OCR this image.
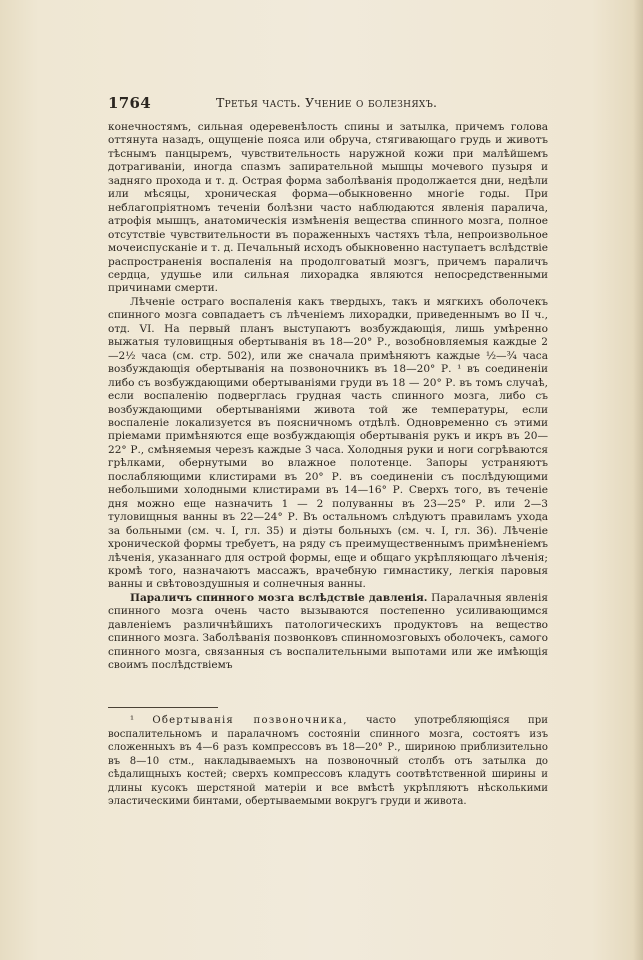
1764	Третья часть. Учение о болезняхъ.

конечностямъ, сильная одеревенѣлость спины и затылка, причемъ голова оттянута назадъ, ощущеніе пояса или обруча, стягивающаго грудь и животъ тѣснымъ панцыремъ, чувствительность наружной кожи при малѣйшемъ дотрагиваніи, иногда спазмъ запирательной мышцы мочевого пузыря и задняго прохода и т. д. Острая форма заболѣванія продолжается дни, недѣли или мѣсяцы, хроническая форма—обыкновенно многіе годы. При неблагопріятномъ теченіи болѣзни часто наблюдаются явленія паралича, атрофія мышцъ, анатомическія измѣненія вещества спинного мозга, полное отсутствіе чувствительности въ пораженныхъ частяхъ тѣла, непроизвольное мочеиспусканіе и т. д. Печальный исходъ обыкновенно наступаетъ вслѣдствіе распространенія воспаленія на продолговатый мозгъ, причемъ параличъ сердца, удушье или сильная лихорадка являются непосредственными причинами смерти.

Лѣченіе остраго воспаленія какъ твердыхъ, такъ и мягкихъ оболочекъ спинного мозга совпадаетъ съ лѣченіемъ лихорадки, приведеннымъ во II ч., отд. VI. На первый планъ выступаютъ возбуждающія, лишь умѣренно выжатыя туловищныя обертыванія въ 18—20° Р., возобновляемыя каждые 2—2½ часа (см. стр. 502), или же сначала примѣняютъ каждые ½—¾ часа возбуждающія обертыванія на позвоночникъ въ 18—20° Р. ¹ въ соединеніи либо съ возбуждающими обертываніями груди въ 18 — 20° Р. въ томъ случаѣ, если воспаленію подверглась грудная часть спинного мозга, либо съ возбуждающими обертываніями живота той же температуры, если воспаленіе локализуется въ поясничномъ отдѣлѣ. Одновременно съ этими пріемами примѣняются еще возбуждающія обертыванія рукъ и икръ въ 20—22° Р., смѣняемыя черезъ каждые 3 часа. Холодныя руки и ноги согрѣваются грѣлками, обернутыми во влажное полотенце. Запоры устраняютъ послабляющими клистирами въ 20° Р. въ соединеніи съ послѣдующими небольшими холодными клистирами въ 14—16° Р. Сверхъ того, въ теченіе дня можно еще назначить 1 — 2 полуванны въ 23—25° Р. или 2—3 туловищныя ванны въ 22—24° Р. Въ остальномъ слѣдуютъ правиламъ ухода за больными (см. ч. I, гл. 35) и діэты больныхъ (см. ч. I, гл. 36). Лѣченіе хронической формы требуетъ, на ряду съ преимущественнымъ примѣненіемъ лѣченія, указаннаго для острой формы, еще и общаго укрѣпляющаго лѣченія; кромѣ того, назначаютъ массажъ, врачебную гимнастику, легкія паровыя ванны и свѣтовоздушныя и солнечныя ванны.

Параличъ спинного мозга вслѣдствіе давленія. Паралачныя явленія спинного мозга очень часто вызываются постепенно усиливающимся давленіемъ различнѣйшихъ патологическихъ продуктовъ на вещество спинного мозга. Заболѣванія позвонковъ спинномозговыхъ оболочекъ, самого спинного мозга, связанныя съ воспалительными выпотами или же имѣющія своимъ послѣдствіемъ

¹ Обертыванія позвоночника, часто употребляющіяся при воспалительномъ и паралачномъ состояніи спинного мозга, состоятъ изъ сложенныхъ въ 4—6 разъ компрессовъ въ 18—20° Р., шириною приблизительно въ 8—10 стм., накладываемыхъ на позвоночный столбъ отъ затылка до сѣдалищныхъ костей; сверхъ компрессовъ кладутъ соотвѣтственной ширины и длины кусокъ шерстяной матеріи и все вмѣстѣ укрѣпляютъ нѣсколькими эластическими бинтами, обертываемыми вокругъ груди и живота.
